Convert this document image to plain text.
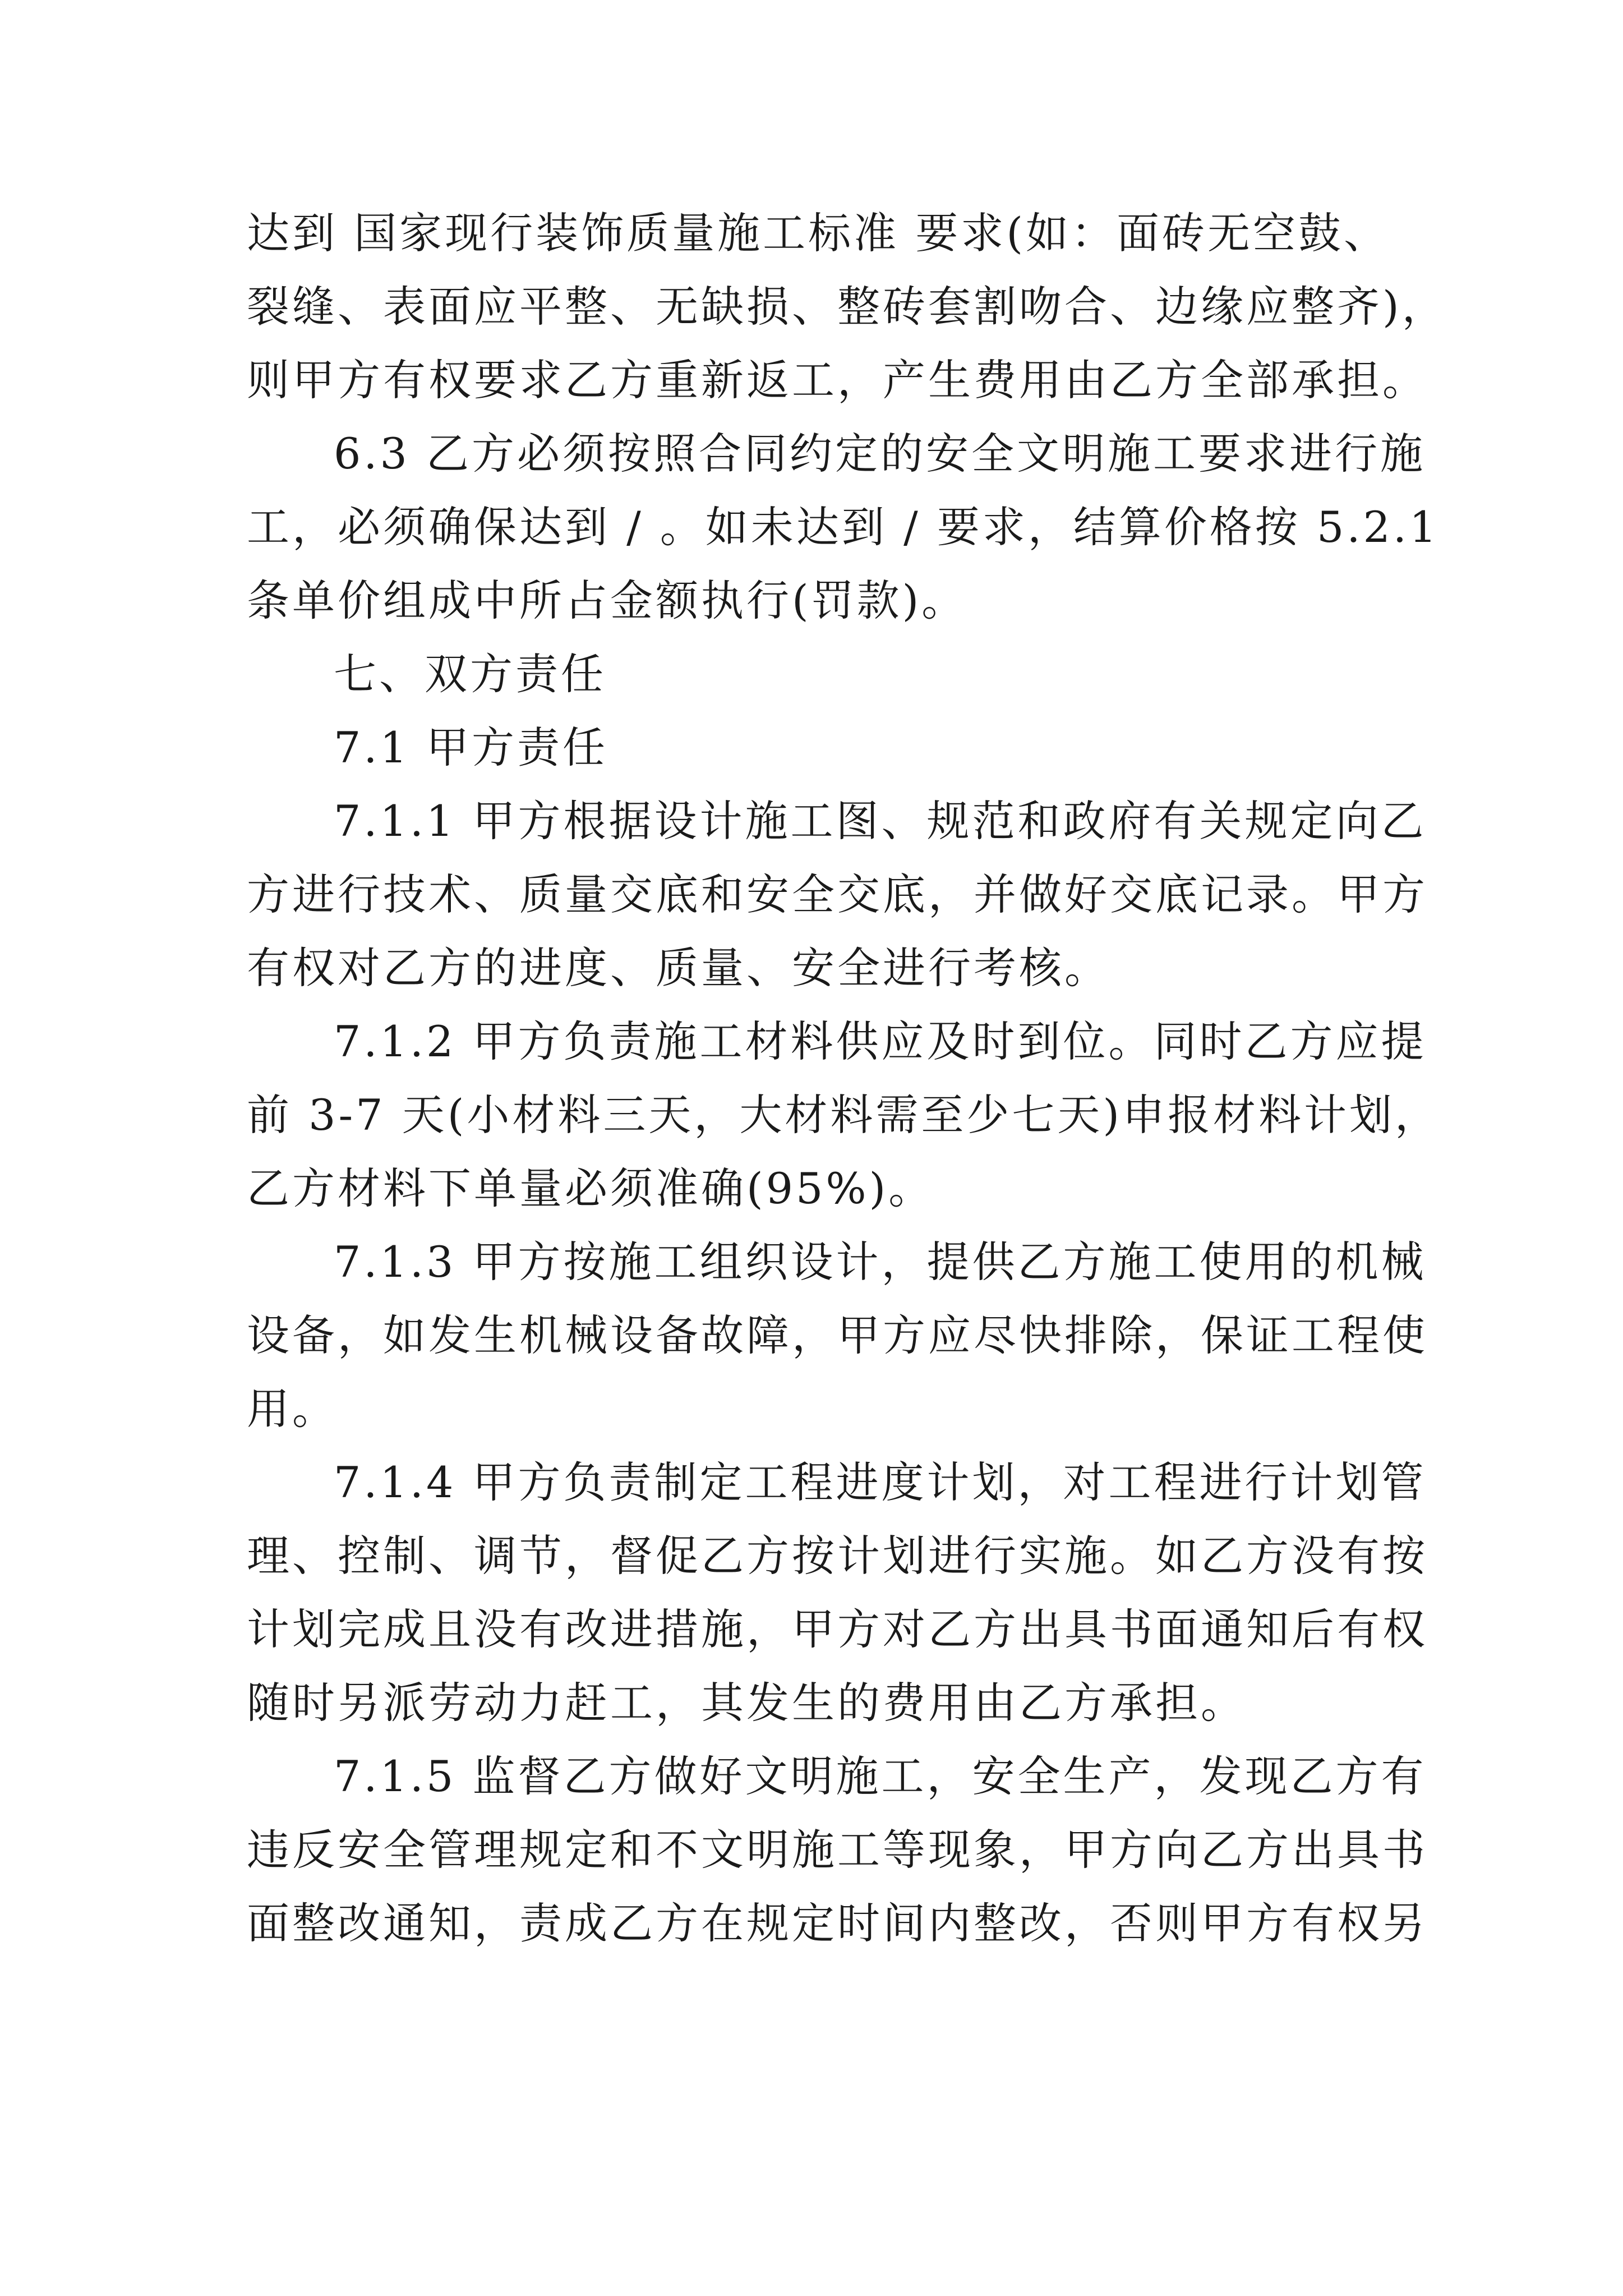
达到 国家现行装饰质量施工标准 要求(如：面砖无空鼓、
裂缝、表面应平整、无缺损、整砖套割吻合、边缘应整齐)，
则甲方有权要求乙方重新返工，产生费用由乙方全部承担。
6.3 乙方必须按照合同约定的安全文明施工要求进行施
工，必须确保达到 / 。如未达到 / 要求，结算价格按 5.2.1
条单价组成中所占金额执行(罚款)。
七、双方责任
7.1 甲方责任
7.1.1 甲方根据设计施工图、规范和政府有关规定向乙
方进行技术、质量交底和安全交底，并做好交底记录。甲方
有权对乙方的进度、质量、安全进行考核。
7.1.2 甲方负责施工材料供应及时到位。同时乙方应提
前 3-7 天(小材料三天，大材料需至少七天)申报材料计划，
乙方材料下单量必须准确(95%)。
7.1.3 甲方按施工组织设计，提供乙方施工使用的机械
设备，如发生机械设备故障，甲方应尽快排除，保证工程使
用。
7.1.4 甲方负责制定工程进度计划，对工程进行计划管
理、控制、调节，督促乙方按计划进行实施。如乙方没有按
计划完成且没有改进措施，甲方对乙方出具书面通知后有权
随时另派劳动力赶工，其发生的费用由乙方承担。
7.1.5 监督乙方做好文明施工，安全生产，发现乙方有
违反安全管理规定和不文明施工等现象，甲方向乙方出具书
面整改通知，责成乙方在规定时间内整改，否则甲方有权另
